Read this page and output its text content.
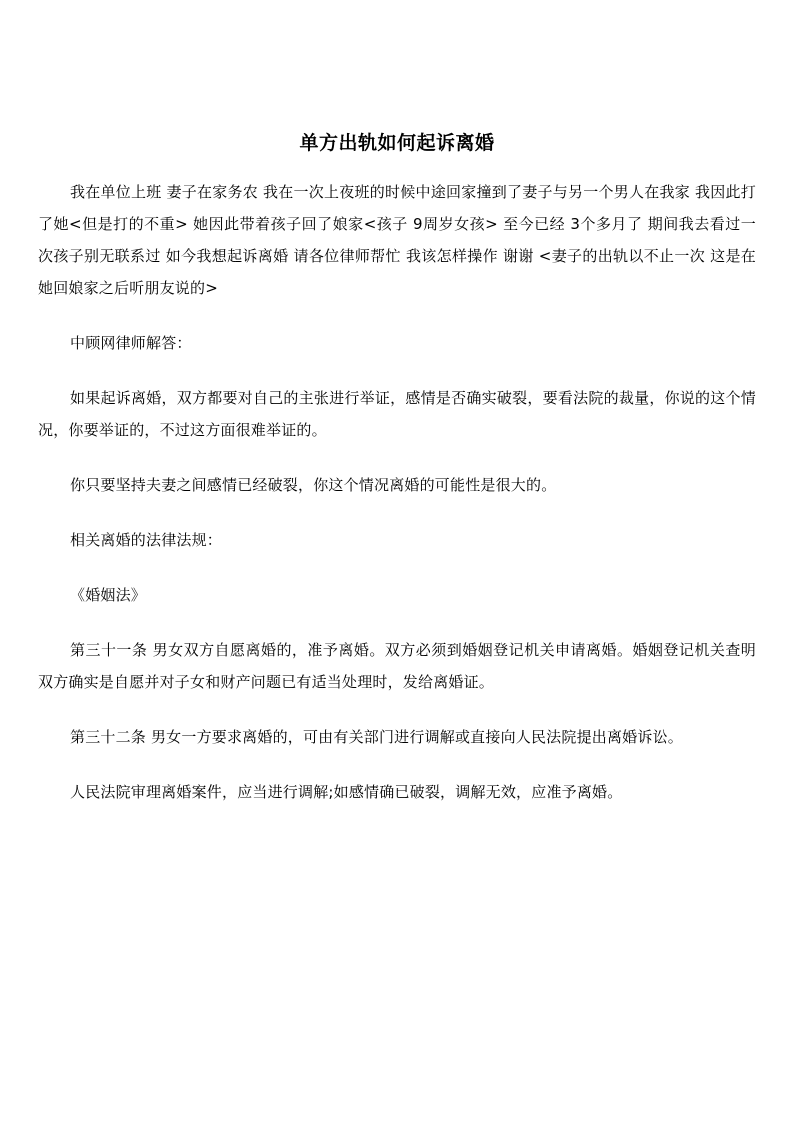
单方出轨如何起诉离婚

我在单位上班 妻子在家务农 我在一次上夜班的时候中途回家撞到了妻子与另一个男人在我家 我因此打了她<但是打的不重> 她因此带着孩子回了娘家<孩子 9周岁女孩> 至今已经 3个多月了 期间我去看过一次孩子别无联系过 如今我想起诉离婚 请各位律师帮忙 我该怎样操作 谢谢 <妻子的出轨以不止一次 这是在她回娘家之后听朋友说的>

中顾网律师解答：

如果起诉离婚，双方都要对自己的主张进行举证，感情是否确实破裂，要看法院的裁量，你说的这个情况，你要举证的，不过这方面很难举证的。

你只要坚持夫妻之间感情已经破裂，你这个情况离婚的可能性是很大的。

相关离婚的法律法规：

《婚姻法》

第三十一条 男女双方自愿离婚的，准予离婚。双方必须到婚姻登记机关申请离婚。婚姻登记机关查明双方确实是自愿并对子女和财产问题已有适当处理时，发给离婚证。

第三十二条 男女一方要求离婚的，可由有关部门进行调解或直接向人民法院提出离婚诉讼。

人民法院审理离婚案件，应当进行调解;如感情确已破裂，调解无效，应准予离婚。
